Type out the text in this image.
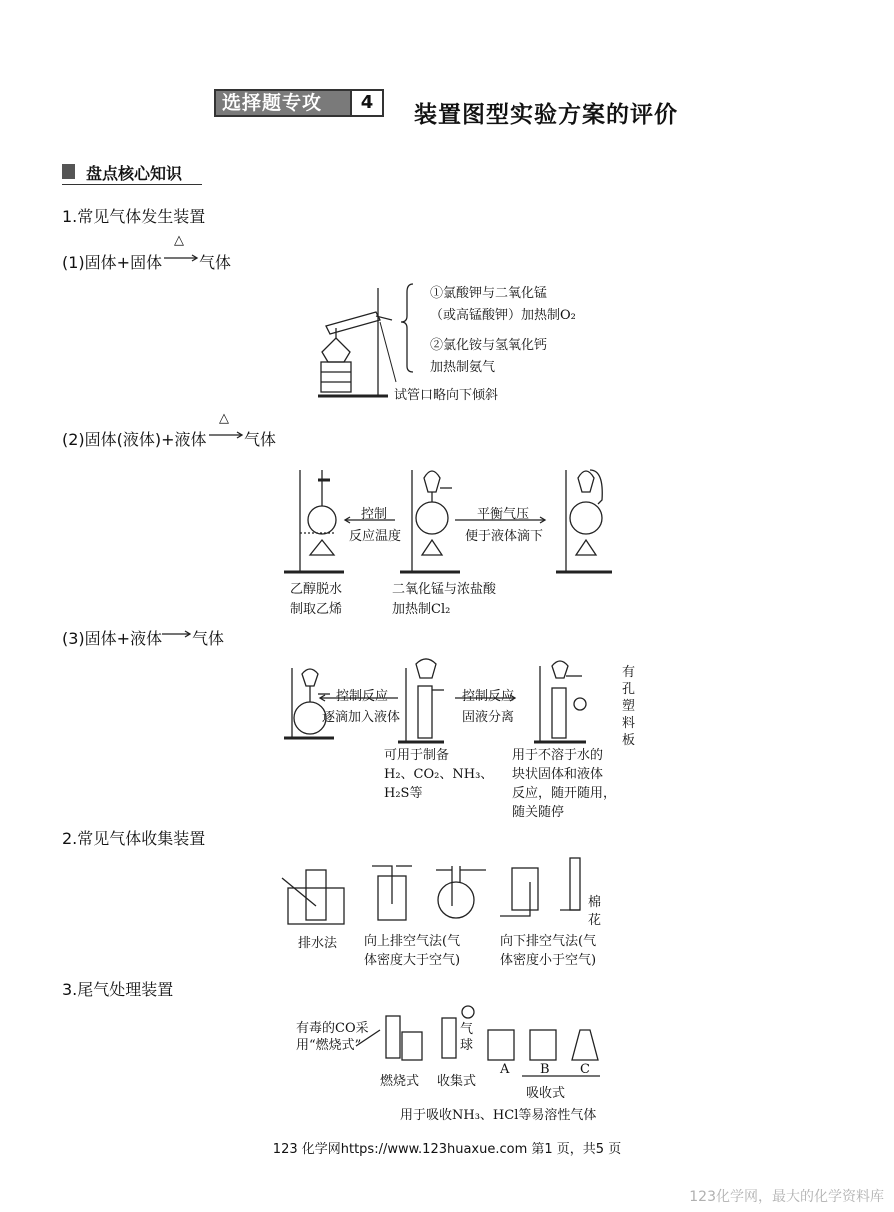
选择题专攻	4	装置图型实验方案的评价
盘点核心知识
1.常见气体发生装置
(1)固体+固体
△
气体
①氯酸钾与二氧化锰
（或高锰酸钾）加热制O₂
②氯化铵与氢氧化钙
加热制氨气
试管口略向下倾斜
(2)固体(液体)+液体
△
气体
控制
反应温度
平衡气压
便于液体滴下
乙醇脱水
制取乙烯
二氧化锰与浓盐酸
加热制Cl₂
(3)固体+液体 气体
控制反应
逐滴加入液体
控制反应
固液分离
有
孔
塑
料
板
可用于制备
H₂、CO₂、NH₃、
H₂S等
用于不溶于水的
块状固体和液体
反应，随开随用，
随关随停
2.常见气体收集装置
排水法 向上排空气法(气
体密度大于空气)
向下排空气法(气
体密度小于空气)
棉
花
3.尾气处理装置
有毒的CO采
用“燃烧式”
气
球
燃烧式 收集式
A B C
吸收式
用于吸收NH₃、HCl等易溶性气体
123 化学网https://www.123huaxue.com 第1 页，共5 页
123化学网，最大的化学资料库
